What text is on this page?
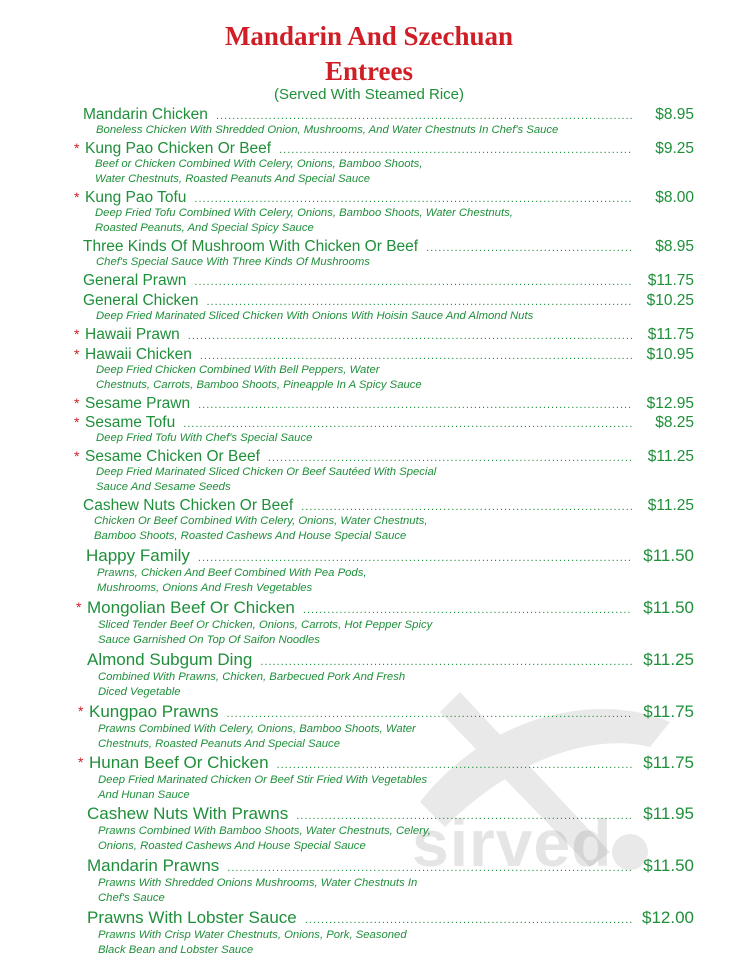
Mandarin And Szechuan
Entrees
(Served With Steamed Rice)
sirved
Mandarin Chicken .....	$8.95
Boneless Chicken With Shredded Onion, Mushrooms, And Water Chestnuts In Chef's Sauce
* Kung Pao Chicken Or Beef .....	$9.25
Beef or Chicken Combined With Celery, Onions, Bamboo Shoots,
Water Chestnuts, Roasted Peanuts And Special Sauce
* Kung Pao Tofu .....	$8.00
Deep Fried Tofu Combined With Celery, Onions, Bamboo Shoots, Water Chestnuts,
Roasted Peanuts, And Special Spicy Sauce
Three Kinds Of Mushroom With Chicken Or Beef .....	$8.95
Chef's Special Sauce With Three Kinds Of Mushrooms
General Prawn .....	$11.75
General Chicken .....	$10.25
Deep Fried Marinated Sliced Chicken With Onions With Hoisin Sauce And Almond Nuts
* Hawaii Prawn .....	$11.75
* Hawaii Chicken .....	$10.95
Deep Fried Chicken Combined With Bell Peppers, Water
Chestnuts, Carrots, Bamboo Shoots, Pineapple In A Spicy Sauce
* Sesame Prawn .....	$12.95
* Sesame Tofu .....	$8.25
Deep Fried Tofu With Chef's Special Sauce
* Sesame Chicken Or Beef .....	$11.25
Deep Fried Marinated Sliced Chicken Or Beef Sautéed With Special
Sauce And Sesame Seeds
Cashew Nuts Chicken Or Beef .....	$11.25
Chicken Or Beef Combined With Celery, Onions, Water Chestnuts,
Bamboo Shoots, Roasted Cashews And House Special Sauce
Happy Family .....	$11.50
Prawns, Chicken And Beef Combined With Pea Pods,
Mushrooms, Onions And Fresh Vegetables
* Mongolian Beef Or Chicken .....	$11.50
Sliced Tender Beef Or Chicken, Onions, Carrots, Hot Pepper Spicy
Sauce Garnished On Top Of Saifon Noodles
Almond Subgum Ding .....	$11.25
Combined With Prawns, Chicken, Barbecued Pork And Fresh
Diced Vegetable
* Kungpao Prawns .....	$11.75
Prawns Combined With Celery, Onions, Bamboo Shoots, Water
Chestnuts, Roasted Peanuts And Special Sauce
* Hunan Beef Or Chicken .....	$11.75
Deep Fried Marinated Chicken Or Beef Stir Fried With Vegetables
And Hunan Sauce
Cashew Nuts With Prawns .....	$11.95
Prawns Combined With Bamboo Shoots, Water Chestnuts, Celery,
Onions, Roasted Cashews And House Special Sauce
Mandarin Prawns .....	$11.50
Prawns With Shredded Onions Mushrooms, Water Chestnuts In
Chef's Sauce
Prawns With Lobster Sauce .....	$12.00
Prawns With Crisp Water Chestnuts, Onions, Pork, Seasoned
Black Bean and Lobster Sauce
